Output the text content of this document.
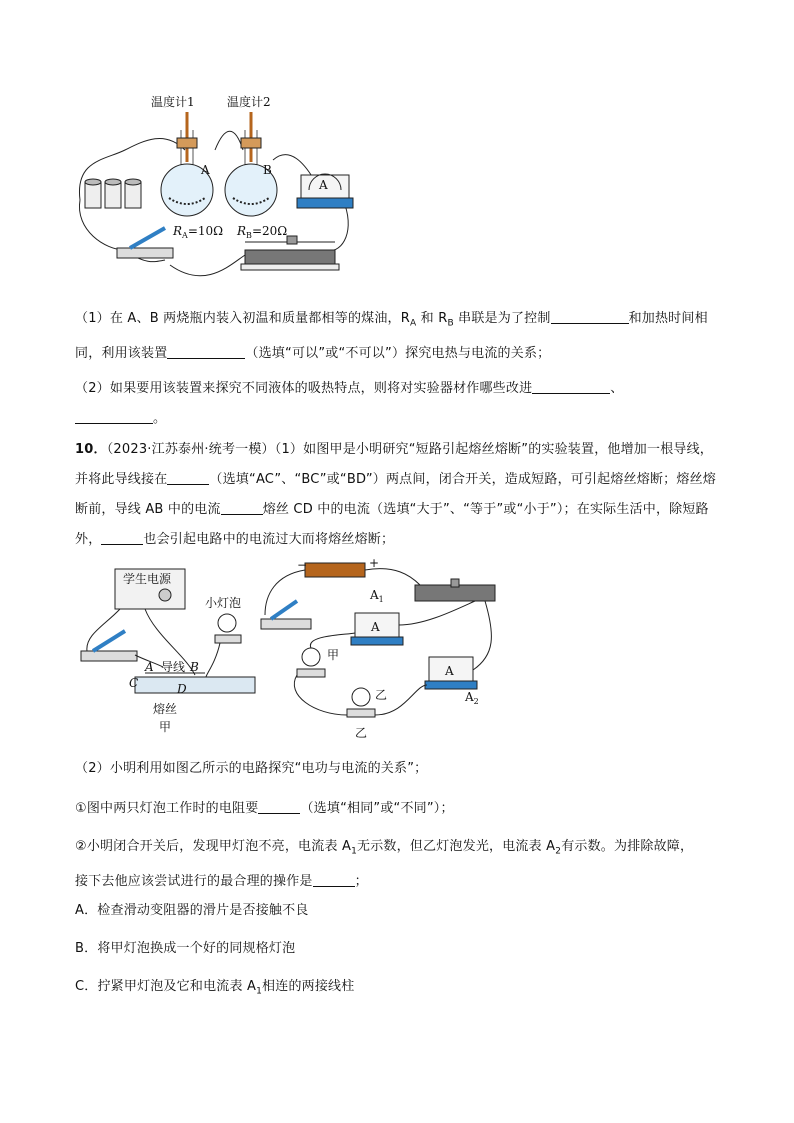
温度计1	温度计2
A	B
$R_A=10\Omega$ $R_B=20\Omega$
A
（1）在 A、B 两烧瓶内装入初温和质量都相等的煤油，$R_A$ 和 $R_B$ 串联是为了控制	和加热时间相
同，利用该装置	（选填“可以”或“不可以”）探究电热与电流的关系；
（2）如果要用该装置来探究不同液体的吸热特点，则将对实验器材作哪些改进	、
。
10．（2023·江苏泰州·统考一模）（1）如图甲是小明研究“短路引起熔丝熔断”的实验装置，他增加一根导线，
并将此导线接在	（选填“AC”、“BC”或“BD”）两点间，闭合开关，造成短路，可引起熔丝熔断；熔丝熔
断前，导线 AB 中的电流	熔丝 CD 中的电流（选填“大于”、“等于”或“小于”）；在实际生活中，除短路
外，	也会引起电路中的电流过大而将熔丝熔断；
学生电源
小灯泡
A 导线 B
C	D
熔丝
甲
−	+
$A_1$
A
甲
乙
乙
A
$A_2$
（2）小明利用如图乙所示的电路探究“电功与电流的关系”；
①图中两只灯泡工作时的电阻要	（选填“相同”或“不同”）；
②小明闭合开关后，发现甲灯泡不亮，电流表 $A_1$无示数，但乙灯泡发光，电流表 $A_2$有示数。为排除故障，
接下去他应该尝试进行的最合理的操作是	；
A．检查滑动变阻器的滑片是否接触不良
B．将甲灯泡换成一个好的同规格灯泡
C．拧紧甲灯泡及它和电流表 $A_1$相连的两接线柱
